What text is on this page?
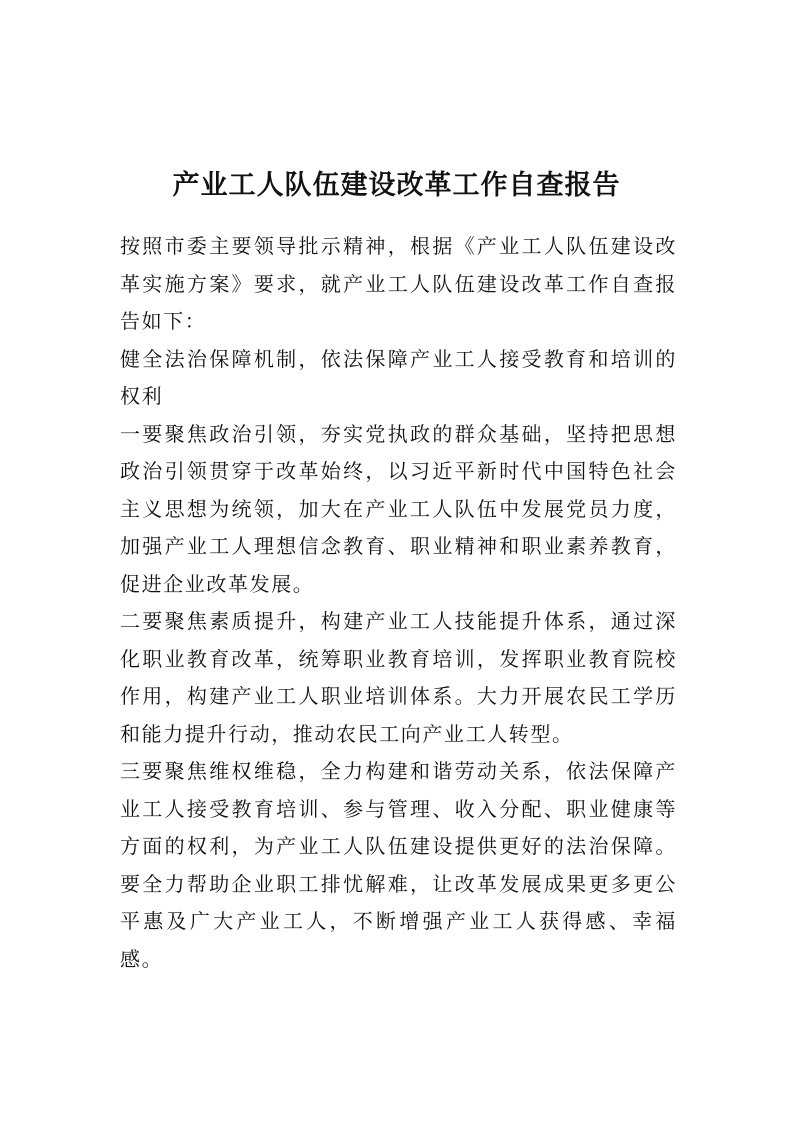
产业工人队伍建设改革工作自查报告

按照市委主要领导批示精神，根据《产业工人队伍建设改革实施方案》要求，就产业工人队伍建设改革工作自查报告如下：

健全法治保障机制，依法保障产业工人接受教育和培训的权利

一要聚焦政治引领，夯实党执政的群众基础，坚持把思想政治引领贯穿于改革始终，以习近平新时代中国特色社会主义思想为统领，加大在产业工人队伍中发展党员力度，加强产业工人理想信念教育、职业精神和职业素养教育，促进企业改革发展。

二要聚焦素质提升，构建产业工人技能提升体系，通过深化职业教育改革，统筹职业教育培训，发挥职业教育院校作用，构建产业工人职业培训体系。大力开展农民工学历和能力提升行动，推动农民工向产业工人转型。

三要聚焦维权维稳，全力构建和谐劳动关系，依法保障产业工人接受教育培训、参与管理、收入分配、职业健康等方面的权利，为产业工人队伍建设提供更好的法治保障。要全力帮助企业职工排忧解难，让改革发展成果更多更公平惠及广大产业工人，不断增强产业工人获得感、幸福感。
